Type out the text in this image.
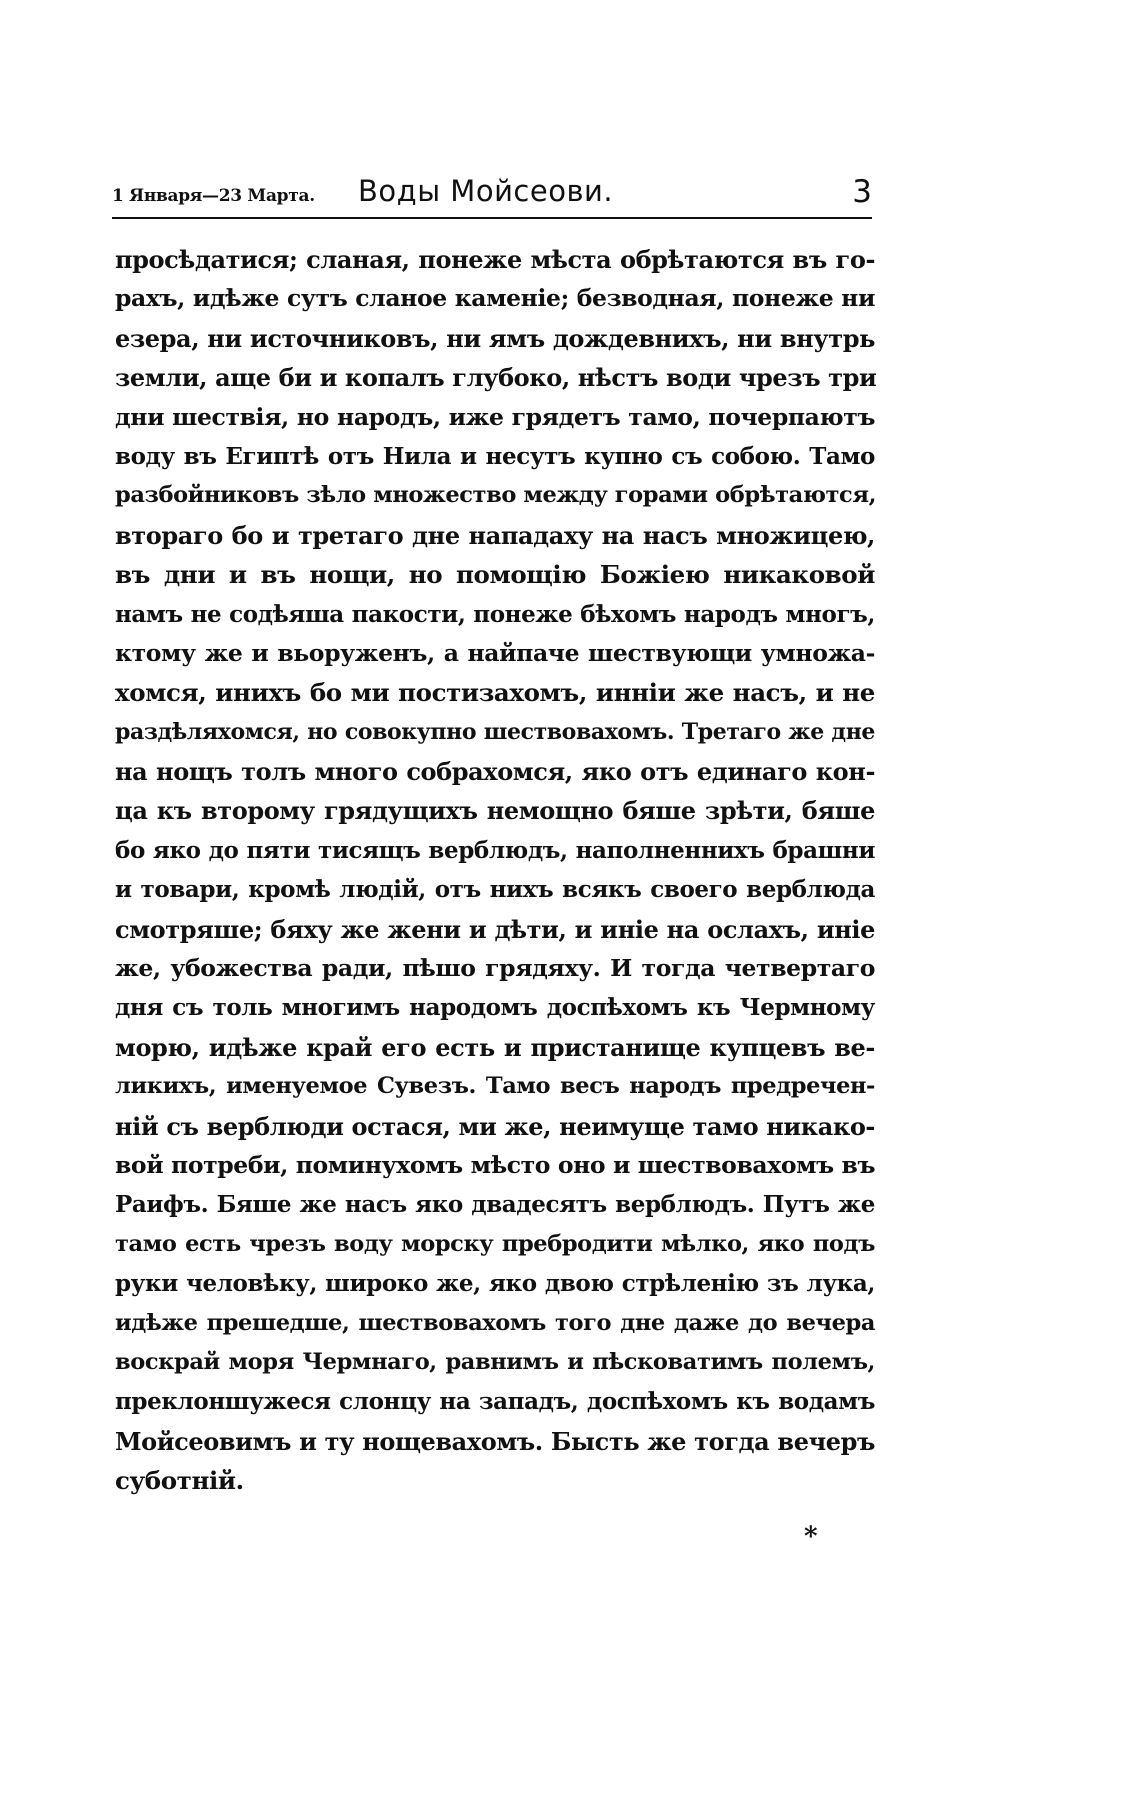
1 Января—23 Марта. Воды Мойсеови.	3
просѣдатися; сланая, понеже мѣста обрѣтаются въ го-
рахъ, идѣже сутъ сланое каменіе; безводная, понеже ни
езера, ни источниковъ, ни ямъ дождевнихъ, ни внутрь
земли, аще би и копалъ глубоко, нѣстъ води чрезъ три
дни шествія, но народъ, иже грядетъ тамо, почерпаютъ
воду въ Египтѣ отъ Нила и несутъ купно съ собою. Тамо
разбойниковъ зѣло множество между горами обрѣтаются,
втораго бо и третаго дне нападаху на насъ множицею,
въ дни и въ нощи, но помощію Божіею никаковой
намъ не содѣяша пакости, понеже бѣхомъ народъ многъ,
ктому же и вьоруженъ, а найпаче шествующи умножа-
хомся, инихъ бо ми постизахомъ, инніи же насъ, и не
раздѣляхомся, но совокупно шествовахомъ. Третаго же дне
на нощъ толъ много собрахомся, яко отъ единаго кон-
ца къ второму грядущихъ немощно бяше зрѣти, бяше
бо яко до пяти тисящъ верблюдъ, наполненнихъ брашни
и товари, кромѣ людій, отъ нихъ всякъ своего верблюда
смотряше; бяху же жени и дѣти, и иніе на ослахъ, иніе
же, убожества ради, пѣшо грядяху. И тогда четвертаго
дня съ толь многимъ народомъ доспѣхомъ къ Чермному
морю, идѣже край его есть и пристанище купцевъ ве-
ликихъ, именуемое Сувезъ. Тамо весъ народъ предречен-
ній съ верблюди остася, ми же, неимуще тамо никако-
вой потреби, поминухомъ мѣсто оно и шествовахомъ въ
Раифъ. Бяше же насъ яко двадесятъ верблюдъ. Путъ же
тамо есть чрезъ воду морску пребродити мѣлко, яко подъ
руки человѣку, широко же, яко двою стрѣленію зъ лука,
идѣже прешедше, шествовахомъ того дне даже до вечера
воскрай моря Чермнаго, равнимъ и пѣсковатимъ полемъ,
преклоншужеся слонцу на западъ, доспѣхомъ къ водамъ
Мойсеовимъ и ту нощевахомъ. Бысть же тогда вечеръ
суботній.
*
